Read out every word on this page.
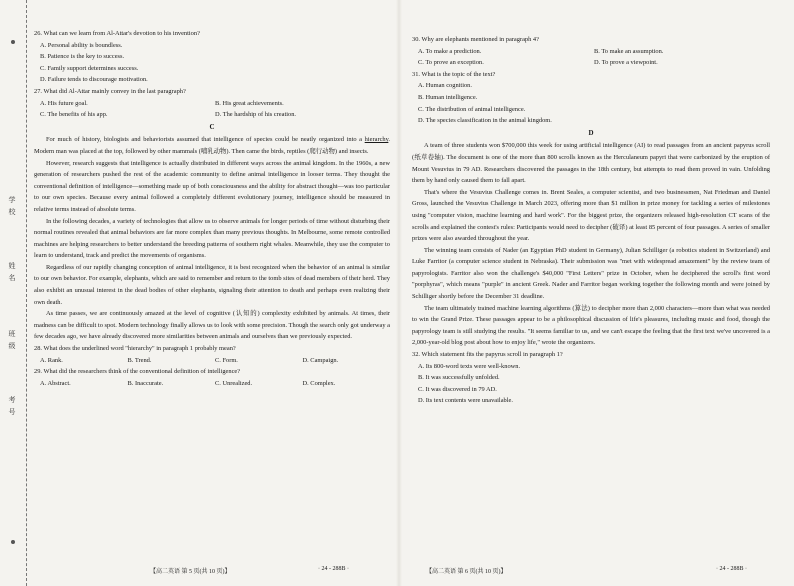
学
校
姓
名
班
级
考
号

26. What can we learn from Al-Attar's devotion to his invention?

A. Personal ability is boundless.

B. Patience is the key to success.

C. Family support determines success.

D. Failure tends to discourage motivation.

27. What did Al-Attar mainly convey in the last paragraph?

A. His future goal.	B. His great achievements.
C. The benefits of his app.	D. The hardship of his creation.

C

For much of history, biologists and behaviorists assumed that intelligence of species could be neatly organized into a hierarchy. Modern man was placed at the top, followed by other mammals (哺乳动物). Then came the birds, reptiles (爬行动物) and insects.

However, research suggests that intelligence is actually distributed in different ways across the animal kingdom. In the 1960s, a new generation of researchers pushed the rest of the academic community to define animal intelligence in looser terms. They thought the conventional definition of intelligence—something made up of both consciousness and the ability for abstract thought—was too particular to our own species. Because every animal followed a completely different evolutionary journey, intelligence should be measured in relative terms instead of absolute terms.

In the following decades, a variety of technologies that allow us to observe animals for longer periods of time without disturbing their normal routines revealed that animal behaviors are far more complex than many previous thoughts. In Melbourne, some remote controlled machines are helping researchers to better understand the breeding patterns of southern right whales. Meanwhile, they use the computer to learn to understand, track and predict the movements of organisms.

Regardless of our rapidly changing conception of animal intelligence, it is best recognized when the behavior of an animal is similar to our own behavior. For example, elephants, which are said to remember and return to the tomb sites of dead members of their herd. They also exhibit an unusual interest in the dead bodies of other elephants, signaling their attention to death and perhaps even realizing their own death.

As time passes, we are continuously amazed at the level of cognitive (认知的) complexity exhibited by animals. At times, their madness can be difficult to spot. Modern technology finally allows us to look with some precision. Though the search only got underway a few decades ago, we have already discovered more similarities between animals and ourselves than we previously expected.

28. What does the underlined word "hierarchy" in paragraph 1 probably mean?

A. Rank.	B. Trend.	C. Form.	D. Campaign.

29. What did the researchers think of the conventional definition of intelligence?

A. Abstract.	B. Inaccurate.	C. Unrealized.	D. Complex.

30. Why are elephants mentioned in paragraph 4?

A. To make a prediction.	B. To make an assumption.
C. To prove an exception.	D. To prove a viewpoint.

31. What is the topic of the text?

A. Human cognition.

B. Human intelligence.

C. The distribution of animal intelligence.

D. The species classification in the animal kingdom.

D

A team of three students won $700,000 this week for using artificial intelligence (AI) to read passages from an ancient papyrus scroll (纸草卷轴). The document is one of the more than 800 scrolls known as the Herculaneum papyri that were carbonized by the eruption of Mount Vesuvius in 79 AD. Researchers discovered the passages in the 18th century, but attempts to read them proved in vain. Unfolding them by hand only caused them to fall apart.

That's where the Vesuvius Challenge comes in. Brent Seales, a computer scientist, and two businessmen, Nat Friedman and Daniel Gross, launched the Vesuvius Challenge in March 2023, offering more than $1 million in prize money for tackling a series of milestones using "computer vision, machine learning and hard work". For the biggest prize, the organizers released high-resolution CT scans of the scrolls and explained the contest's rules: Participants would need to decipher (破译) at least 85 percent of four passages. A series of smaller prizes were also awarded throughout the year.

The winning team consists of Nader (an Egyptian PhD student in Germany), Julian Schilliger (a robotics student in Switzerland) and Luke Farritor (a computer science student in Nebraska). Their submission was "met with widespread amazement" by the review team of papyrologists. Farritor also won the challenge's $40,000 "First Letters" prize in October, when he deciphered the scroll's first word "porphyras", which means "purple" in ancient Greek. Nader and Farritor began working together the following month and were joined by Schilliger shortly before the December 31 deadline.

The team ultimately trained machine learning algorithms (算法) to decipher more than 2,000 characters—more than what was needed to win the Grand Prize. These passages appear to be a philosophical discussion of life's pleasures, including music and food, though the papyrology team is still studying the results. "It seems familiar to us, and we can't escape the feeling that the first text we've uncovered is a 2,000-year-old blog post about how to enjoy life," wrote the organizers.

32. Which statement fits the papyrus scroll in paragraph 1?

A. Its 800-word texts were well-known.

B. It was successfully unfolded.

C. It was discovered in 79 AD.

D. Its text contents were unavailable.

【高二英语 第 5 页(共 10 页)】	· 24 - 288B ·	【高二英语 第 6 页(共 10 页)】	· 24 - 288B ·
